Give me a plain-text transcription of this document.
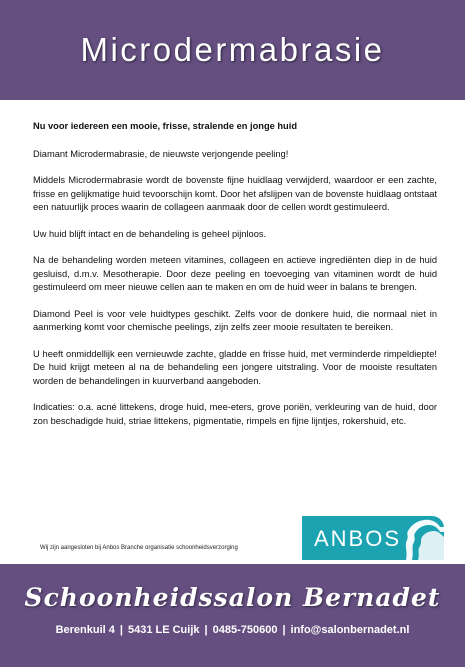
Microdermabrasie

Nu voor iedereen een mooie, frisse, stralende en jonge huid

Diamant Microdermabrasie, de nieuwste verjongende peeling!

Middels Microdermabrasie wordt de bovenste fijne huidlaag verwijderd, waardoor er een zachte, frisse en gelijkmatige huid tevoorschijn komt. Door het afslijpen van de bovenste huidlaag ontstaat een natuurlijk proces waarin de collageen aanmaak door de cellen wordt gestimuleerd.

Uw huid blijft intact en de behandeling is geheel pijnloos.

Na de behandeling worden meteen vitamines, collageen en actieve ingrediënten diep in de huid gesluisd, d.m.v. Mesotherapie. Door deze peeling en toevoeging van vitaminen wordt de huid gestimuleerd om meer nieuwe cellen aan te maken en om de huid weer in balans te brengen.

Diamond Peel is voor vele huidtypes geschikt. Zelfs voor de donkere huid, die normaal niet in aanmerking komt voor chemische peelings, zijn zelfs zeer mooie resultaten te bereiken.

U heeft onmiddellijk een vernieuwde zachte, gladde en frisse huid, met verminderde rimpeldiepte! De huid krijgt meteen al na de behandeling een jongere uitstraling. Voor de mooiste resultaten worden de behandelingen in kuurverband aangeboden.

Indicaties: o.a. acné littekens, droge huid, mee-eters, grove poriën, verkleuring van de huid, door zon beschadigde huid, striae littekens, pigmentatie, rimpels en fijne lijntjes, rokershuid, etc.

Wij zijn aangesloten bij Anbos Branche organisatie schoonheidsverzorging	ANBOS
Schoonheidssalon Bernadet
Berenkuil 4 | 5431 LE Cuijk | 0485-750600 | info@salonbernadet.nl
